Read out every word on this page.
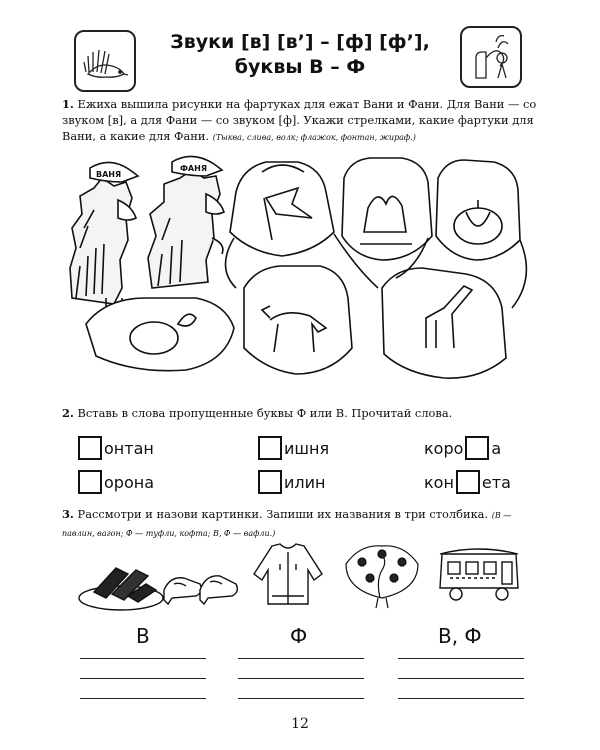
Звуки [в] [в’] – [ф] [ф’],
буквы В – Ф
1. Ежиха вышила рисунки на фартуках для ежат Вани и Фани. Для Вани — со звуком [в], а для Фани — со звуком [ф]. Укажи стрелками, какие фартуки для Вани, а какие для Фани. (Тыква, слива, волк; флажок, фонтан, жираф.)
ВАНЯ
ФАНЯ
2. Вставь в слова пропущенные буквы Ф или В. Прочитай слова.
онтан	ишня	коро а
орона	илин	кон ета
3. Рассмотри и назови картинки. Запиши их названия в три столбика. (В — павлин, вагон; Ф — туфли, кофта; В, Ф — вафли.)
В	Ф	В, Ф
12
